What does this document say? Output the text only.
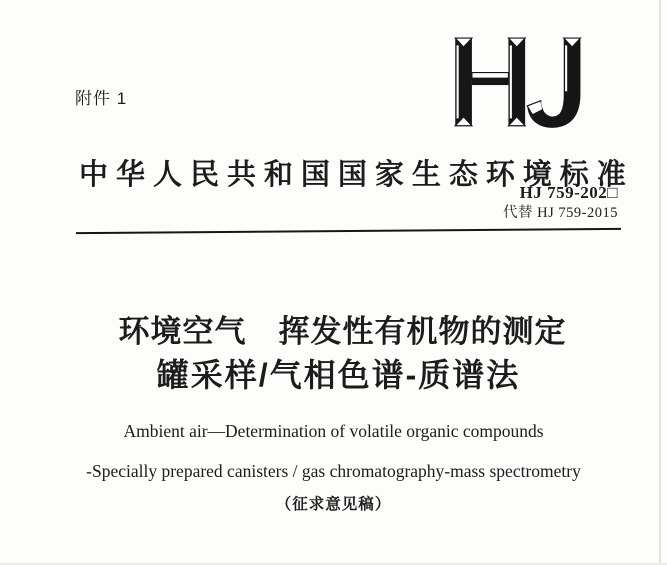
附件 1
中 华 人 民 共 和 国 国 家 生 态 环 境 标 准
HJ 759-202□
代替 HJ 759-2015
环境空气　挥发性有机物的测定
罐采样/气相色谱-质谱法
Ambient air—Determination of volatile organic compounds
-Specially prepared canisters / gas chromatography-mass spectrometry
（征求意见稿）
